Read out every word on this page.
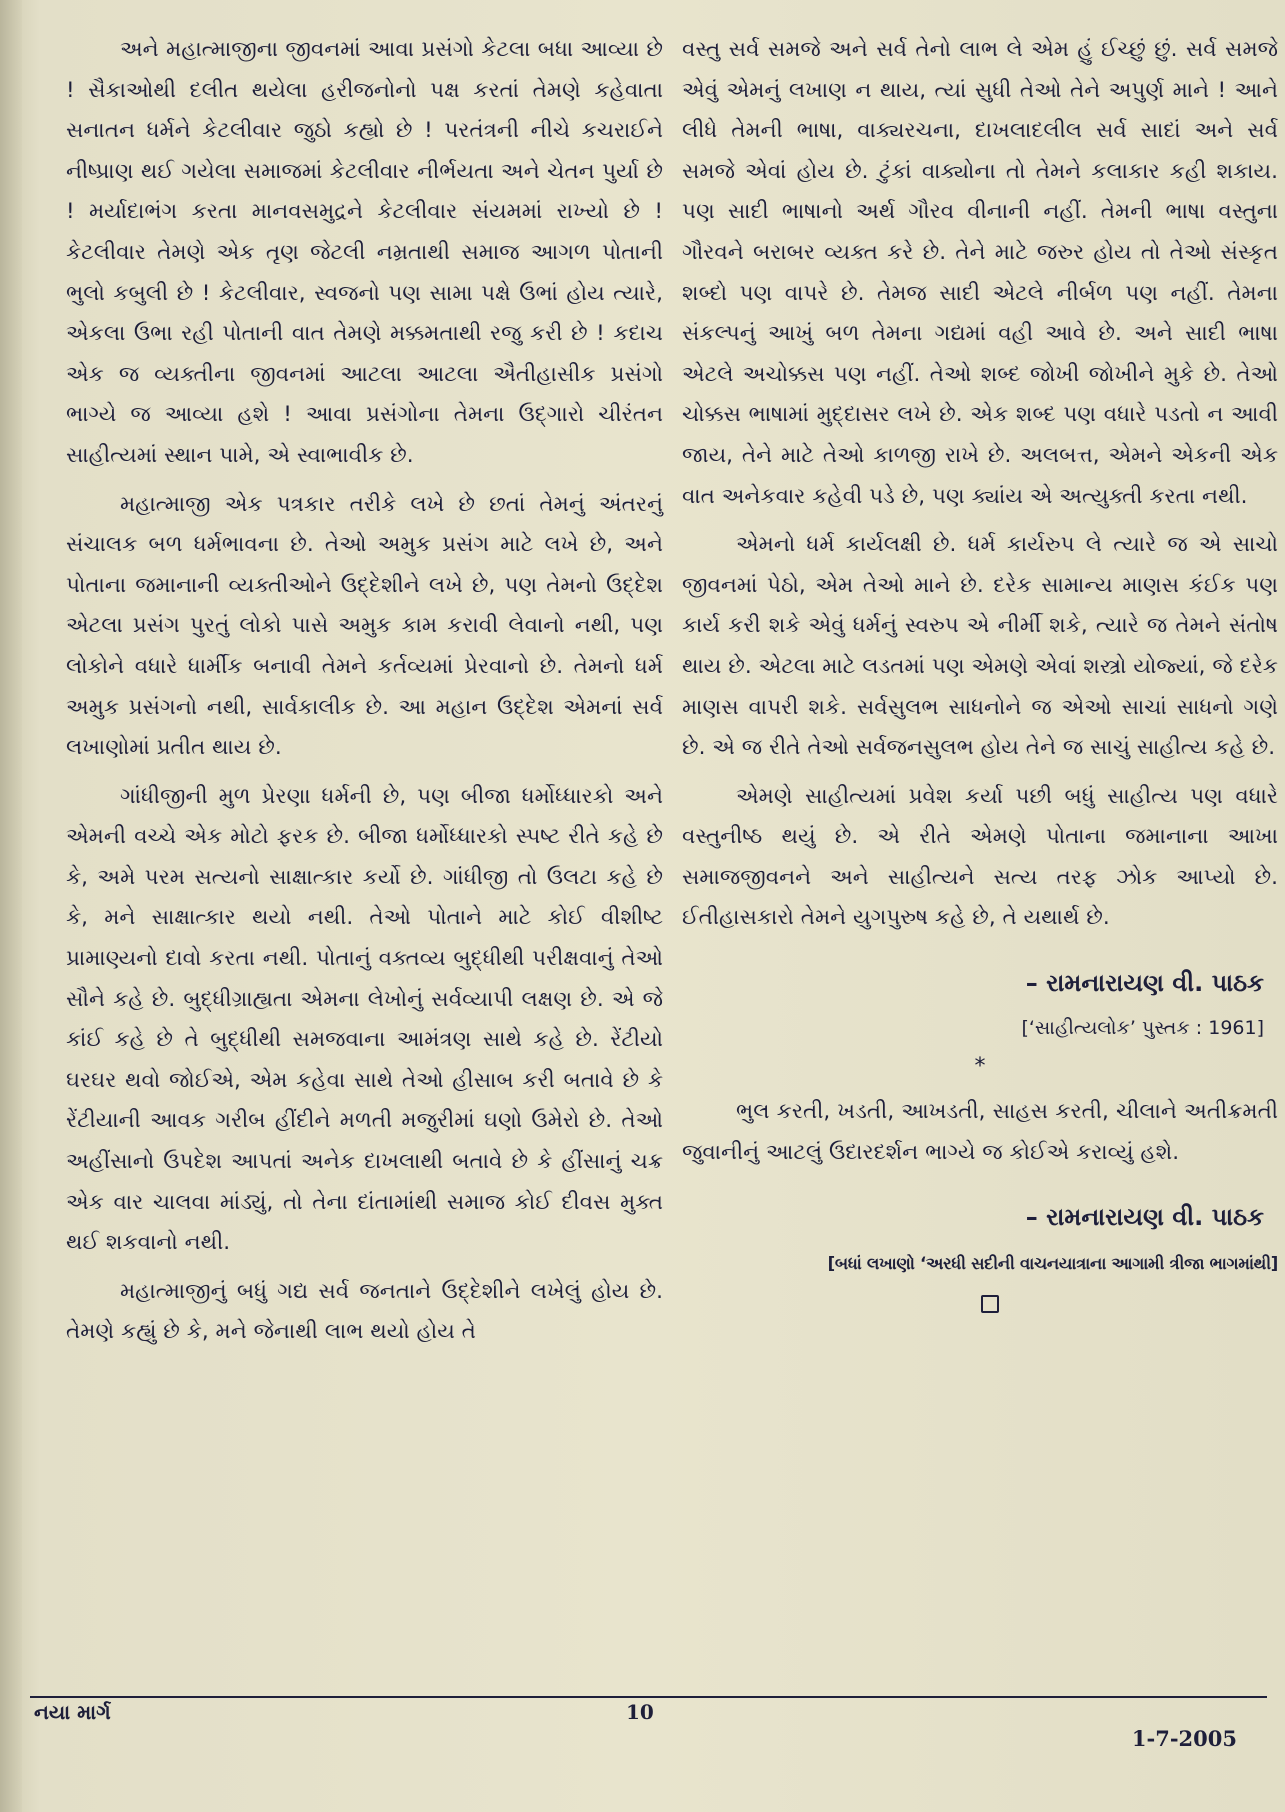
અને મહાત્માજીના જીવનમાં આવા પ્રસંગો કેટલા બધા આવ્યા છે ! સૈકાઓથી દલીત થયેલા હરીજનોનો પક્ષ કરતાં તેમણે કહેવાતા સનાતન ધર્મને કેટલીવાર જુઠો કહ્યો છે ! પરતંત્રની નીચે કચરાઈને નીષ્પ્રાણ થઈ ગયેલા સમાજમાં કેટલીવાર નીર્ભયતા અને ચેતન પુર્યા છે ! મર્યાદાભંગ કરતા માનવસમુદ્રને કેટલીવાર સંયમમાં રાખ્યો છે ! કેટલીવાર તેમણે એક તૃણ જેટલી નમ્રતાથી સમાજ આગળ પોતાની ભુલો કબુલી છે ! કેટલીવાર, સ્વજનો પણ સામા પક્ષે ઉભાં હોય ત્યારે, એકલા ઉભા રહી પોતાની વાત તેમણે મક્કમતાથી રજુ કરી છે ! કદાચ એક જ વ્યક્તીના જીવનમાં આટલા આટલા ઐતીહાસીક પ્રસંગો ભાગ્યે જ આવ્યા હશે ! આવા પ્રસંગોના તેમના ઉદ્ગારો ચીરંતન સાહીત્યમાં સ્થાન પામે, એ સ્વાભાવીક છે.

મહાત્માજી એક પત્રકાર તરીકે લખે છે છતાં તેમનું અંતરનું સંચાલક બળ ધર્મભાવના છે. તેઓ અમુક પ્રસંગ માટે લખે છે, અને પોતાના જમાનાની વ્યક્તીઓને ઉદ્દેશીને લખે છે, પણ તેમનો ઉદ્દેશ એટલા પ્રસંગ પુરતું લોકો પાસે અમુક કામ કરાવી લેવાનો નથી, પણ લોકોને વધારે ધાર્મીક બનાવી તેમને કર્તવ્યમાં પ્રેરવાનો છે. તેમનો ધર્મ અમુક પ્રસંગનો નથી, સાર્વકાલીક છે. આ મહાન ઉદ્દેશ એમનાં સર્વ લખાણોમાં પ્રતીત થાય છે.

ગાંધીજીની મુળ પ્રેરણા ધર્મની છે, પણ બીજા ધર્મોધ્ધારકો અને એમની વચ્ચે એક મોટો ફરક છે. બીજા ધર્મોધ્ધારકો સ્પષ્ટ રીતે કહે છે કે, અમે પરમ સત્યનો સાક્ષાત્કાર કર્યો છે. ગાંધીજી તો ઉલટા કહે છે કે, મને સાક્ષાત્કાર થયો નથી. તેઓ પોતાને માટે કોઈ વીશીષ્ટ પ્રામાણ્યનો દાવો કરતા નથી. પોતાનું વક્તવ્ય બુદ્ધીથી પરીક્ષવાનું તેઓ સૌને કહે છે. બુદ્ધીગ્રાહ્યતા એમના લેખોનું સર્વવ્યાપી લક્ષણ છે. એ જે કાંઈ કહે છે તે બુદ્ધીથી સમજવાના આમંત્રણ સાથે કહે છે. રેંટીયો ઘરઘર થવો જોઈએ, એમ કહેવા સાથે તેઓ હીસાબ કરી બતાવે છે કે રેંટીયાની આવક ગરીબ હીંદીને મળતી મજુરીમાં ઘણો ઉમેરો છે. તેઓ અહીંસાનો ઉપદેશ આપતાં અનેક દાખલાથી બતાવે છે કે હીંસાનું ચક્ર એક વાર ચાલવા માંડ્યું, તો તેના દાંતામાંથી સમાજ કોઈ દીવસ મુક્ત થઈ શકવાનો નથી.

મહાત્માજીનું બધું ગદ્ય સર્વ જનતાને ઉદ્દેશીને લખેલું હોય છે. તેમણે કહ્યું છે કે, મને જેનાથી લાભ થયો હોય તે

વસ્તુ સર્વ સમજે અને સર્વ તેનો લાભ લે એમ હું ઈચ્છું છું. સર્વ સમજે એવું એમનું લખાણ ન થાય, ત્યાં સુધી તેઓ તેને અપુર્ણ માને ! આને લીધે તેમની ભાષા, વાક્યરચના, દાખલાદલીલ સર્વ સાદાં અને સર્વ સમજે એવાં હોય છે. ટુંકાં વાક્યોના તો તેમને કલાકાર કહી શકાય. પણ સાદી ભાષાનો અર્થ ગૌરવ વીનાની નહીં. તેમની ભાષા વસ્તુના ગૌરવને બરાબર વ્યક્ત કરે છે. તેને માટે જરુર હોય તો તેઓ સંસ્કૃત શબ્દો પણ વાપરે છે. તેમજ સાદી એટલે નીર્બળ પણ નહીં. તેમના સંકલ્પનું આખું બળ તેમના ગદ્યમાં વહી આવે છે. અને સાદી ભાષા એટલે અચોક્કસ પણ નહીં. તેઓ શબ્દ જોખી જોખીને મુકે છે. તેઓ ચોક્કસ ભાષામાં મુદ્દાસર લખે છે. એક શબ્દ પણ વધારે પડતો ન આવી જાય, તેને માટે તેઓ કાળજી રાખે છે. અલબત્ત, એમને એકની એક વાત અનેકવાર કહેવી પડે છે, પણ ક્યાંય એ અત્યુક્તી કરતા નથી.

એમનો ધર્મ કાર્યલક્ષી છે. ધર્મ કાર્યરુપ લે ત્યારે જ એ સાચો જીવનમાં પેઠો, એમ તેઓ માને છે. દરેક સામાન્ય માણસ કંઈક પણ કાર્ય કરી શકે એવું ધર્મનું સ્વરુપ એ નીર્મી શકે, ત્યારે જ તેમને સંતોષ થાય છે. એટલા માટે લડતમાં પણ એમણે એવાં શસ્ત્રો યોજ્યાં, જે દરેક માણસ વાપરી શકે. સર્વસુલભ સાધનોને જ એઓ સાચાં સાધનો ગણે છે. એ જ રીતે તેઓ સર્વજનસુલભ હોય તેને જ સાચું સાહીત્ય કહે છે.

એમણે સાહીત્યમાં પ્રવેશ કર્યા પછી બધું સાહીત્ય પણ વધારે વસ્તુનીષ્ઠ થયું છે. એ રીતે એમણે પોતાના જમાનાના આખા સમાજજીવનને અને સાહીત્યને સત્ય તરફ ઝોક આપ્યો છે. ઈતીહાસકારો તેમને યુગપુરુષ કહે છે, તે યથાર્થ છે.

– રામનારાયણ વી. પાઠક
[‘સાહીત્યલોક’ પુસ્તક : 1961]
*

ભુલ કરતી, ખડતી, આખડતી, સાહસ કરતી, ચીલાને અતીક્રમતી જુવાનીનું આટલું ઉદારદર્શન ભાગ્યે જ કોઈએ કરાવ્યું હશે.

– રામનારાયણ વી. પાઠક
[બધાં લખાણો ‘અરધી સદીની વાચનયાત્રાના આગામી ત્રીજા ભાગમાંથી]
નયા માર્ગ	10
1-7-2005
